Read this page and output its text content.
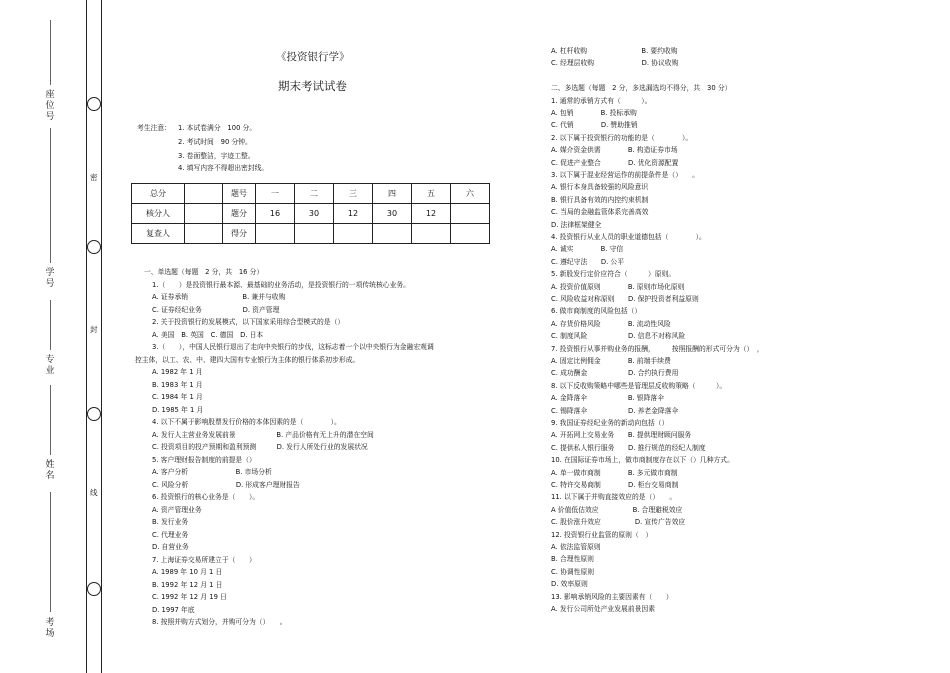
密
封
线
座位号
学号
专业
姓名
考场
《投资银行学》
期末考试试卷
考生注意： 1. 本试卷满分　100 分。
2. 考试时间　90 分钟。
3. 卷面整洁，字迹工整。
4. 填写内容不得超出密封线。
总分		题号	一	二	三	四	五	六
核分人		题分	16	30	12	30	12	
复查人		得分						
一、单选题（每题　2 分，共　16 分）
1.（　　）是投资银行最本源、最基础的业务活动，是投资银行的一项传统核心业务。
A. 证券承销　　　　　　　　B. 兼并与收购
C. 证券经纪业务　　　　　　D. 资产管理
2. 关于投资银行的发展模式，以下国家采用综合型模式的是（）
A. 美国　B. 英国　C. 德国　D. 日本
3.（　　），中国人民银行退出了走向中央银行的步伐，这标志着一个以中央银行为金融宏观调
控主体，以工、农、中、建四大国有专业银行为主体的银行体系初步形成。
A. 1982 年 1 月
B. 1983 年 1 月
C. 1984 年 1 月
D. 1985 年 1 月
4. 以下不属于影响股票发行价格的本体因素的是（　　　　）。
A. 发行人主营业务发展前景　　　　　　B. 产品价格有无上升的潜在空间
C. 投资项目的投产预期和盈利预测　　　D. 发行人所处行业的发展状况
5. 客户理财报告制度的前提是（）
A. 客户分析　　　　　　　B. 市场分析
C. 风险分析　　　　　　　D. 形成客户理财报告
6. 投资银行的核心业务是（　　）。
A. 资产管理业务
B. 发行业务
C. 代理业务
D. 自营业务
7. 上海证券交易所建立于（　　）
A. 1989 年 10 月 1 日
B. 1992 年 12 月 1 日
C. 1992 年 12 月 19 日
D. 1997 年底
8. 按照并购方式划分，并购可分为（）　　。
A. 杠杆收购　　　　　　　　B. 要约收购
C. 经理层收购　　　　　　　D. 协议收购
二、多选题（每题　2 分，多选漏选均不得分，共　30 分）
1. 通常的承销方式有（　　　）。
A. 包销　　　　B. 投标承购
C. 代销　　　　D. 赞助推销
2. 以下属于投资银行的功能的是（　　　　）。
A. 媒介资金供需　　　　B. 构造证券市场
C. 促进产业整合　　　　D. 优化资源配置
3. 以下属于混业经营运作的前提条件是（）　　。
A. 银行本身具备较强的风险意识
B. 银行具备有效的内控约束机制
C. 当局的金融监管体系完善高效
D. 法律框架健全
4. 投资银行从业人员的职业道德包括（　　　　）。
A. 诚实　　　　B. 守信
C. 遵纪守法　　D. 公平
5. 新股发行定价应符合（　　　）原则。
A. 投资价值原则　　　　B. 原则市场化原则
C. 风险收益对称原则　　D. 保护投资者利益原则
6. 做市商制度的风险包括（）
A. 存货价格风险　　　　B. 流动性风险
C. 制度风险　　　　　　D. 信息不对称风险
7. 投资银行从事并购业务的报酬，　　　按照报酬的形式可分为（）　，
A. 固定比例佣金　　　　B. 前端手续费
C. 成功酬金　　　　　　D. 合约执行费用
8. 以下反收购策略中哪些是管理层反收购策略（　　　）。
A. 金降落伞　　　　　　B. 银降落伞
C. 锡降落伞　　　　　　D. 养老金降落伞
9. 我国证券经纪业务的新动向包括（）
A. 开拓网上交易业务　　B. 提供理财顾问服务
C. 提供私人银行服务　　D. 推行规范的经纪人制度
10. 在国际证券市场上，做市商制度存在以下（）几种方式。
A. 单一做市商制　　　　B. 多元做市商制
C. 特许交易商制　　　　D. 柜台交易商制
11. 以下属于并购直接效应的是（）　　。
A 价值低估效应　　　　　B. 合理避税效应
C. 股价涨升效应　　　　　D. 宣传广告效应
12. 投资银行业监管的原则（　）
A. 依法监管原则
B. 合理性原则
C. 协调性原则
D. 效率原则
13. 影响承销风险的主要因素有（　　）
A. 发行公司所处产业发展前景因素
